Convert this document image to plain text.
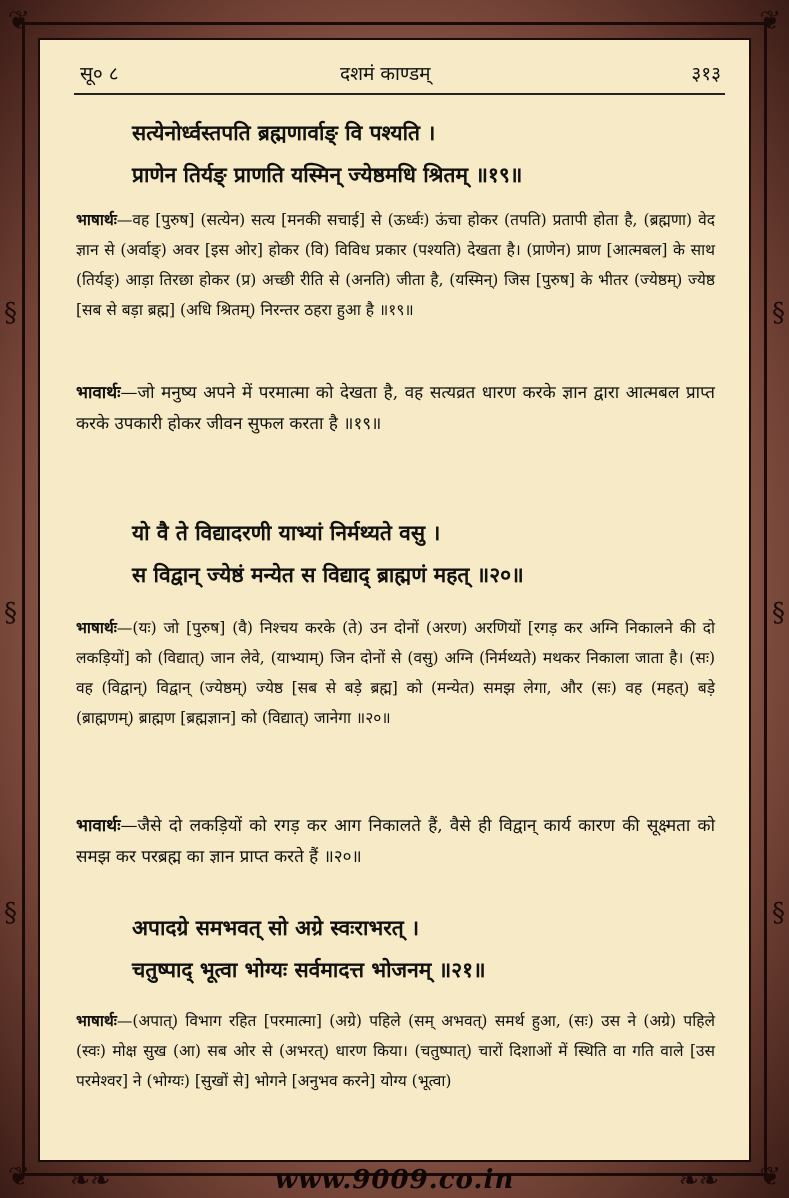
❦	❦
❦	❦
§
§
§
§
§
§
सू० ८	दशमं काण्डम्	३१३
सत्येनोर्ध्वस्तपति ब्रह्मणार्वाङ् वि पश्यति ।
प्राणेन तिर्यङ् प्राणति यस्मिन् ज्येष्ठमधि श्रितम् ॥१९॥
भाषार्थः—वह [पुरुष] (सत्येन) सत्य [मनकी सचाई] से (ऊर्ध्वः) ऊंचा होकर (तपति) प्रतापी होता है, (ब्रह्मणा) वेद ज्ञान से (अर्वाङ्) अवर [इस ओर] होकर (वि) विविध प्रकार (पश्यति) देखता है। (प्राणेन) प्राण [आत्मबल] के साथ (तिर्यङ्) आड़ा तिरछा होकर (प्र) अच्छी रीति से (अनति) जीता है, (यस्मिन्) जिस [पुरुष] के भीतर (ज्येष्ठम्) ज्येष्ठ [सब से बड़ा ब्रह्म] (अधि श्रितम्) निरन्तर ठहरा हुआ है ॥१९॥
भावार्थः—जो मनुष्य अपने में परमात्मा को देखता है, वह सत्यव्रत धारण करके ज्ञान द्वारा आत्मबल प्राप्त करके उपकारी होकर जीवन सुफल करता है ॥१९॥
यो वै ते विद्यादरणी याभ्यां निर्मथ्यते वसु ।
स विद्वान् ज्येष्ठं मन्येत स विद्याद् ब्राह्मणं महत् ॥२०॥
भाषार्थः—(यः) जो [पुरुष] (वै) निश्चय करके (ते) उन दोनों (अरण) अरणियों [रगड़ कर अग्नि निकालने की दो लकड़ियों] को (विद्यात्) जान लेवे, (याभ्याम्) जिन दोनों से (वसु) अग्नि (निर्मथ्यते) मथकर निकाला जाता है। (सः) वह (विद्वान्) विद्वान् (ज्येष्ठम्) ज्येष्ठ [सब से बड़े ब्रह्म] को (मन्येत) समझ लेगा, और (सः) वह (महत्) बड़े (ब्राह्मणम्) ब्राह्मण [ब्रह्मज्ञान] को (विद्यात्) जानेगा ॥२०॥
भावार्थः—जैसे दो लकड़ियों को रगड़ कर आग निकालते हैं, वैसे ही विद्वान् कार्य कारण की सूक्ष्मता को समझ कर परब्रह्म का ज्ञान प्राप्त करते हैं ॥२०॥
अपादग्रे समभवत् सो अग्रे स्वःराभरत् ।
चतुष्पाद् भूत्वा भोग्यः सर्वमादत्त भोजनम् ॥२१॥
भाषार्थः—(अपात्) विभाग रहित [परमात्मा] (अग्रे) पहिले (सम् अभवत्) समर्थ हुआ, (सः) उस ने (अग्रे) पहिले (स्वः) मोक्ष सुख (आ) सब ओर से (अभरत्) धारण किया। (चतुष्पात्) चारों दिशाओं में स्थिति वा गति वाले [उस परमेश्वर] ने (भोग्यः) [सुखों से] भोगने [अनुभव करने] योग्य (भूत्वा)
❧❧	❧❧
www.9009.co.in
